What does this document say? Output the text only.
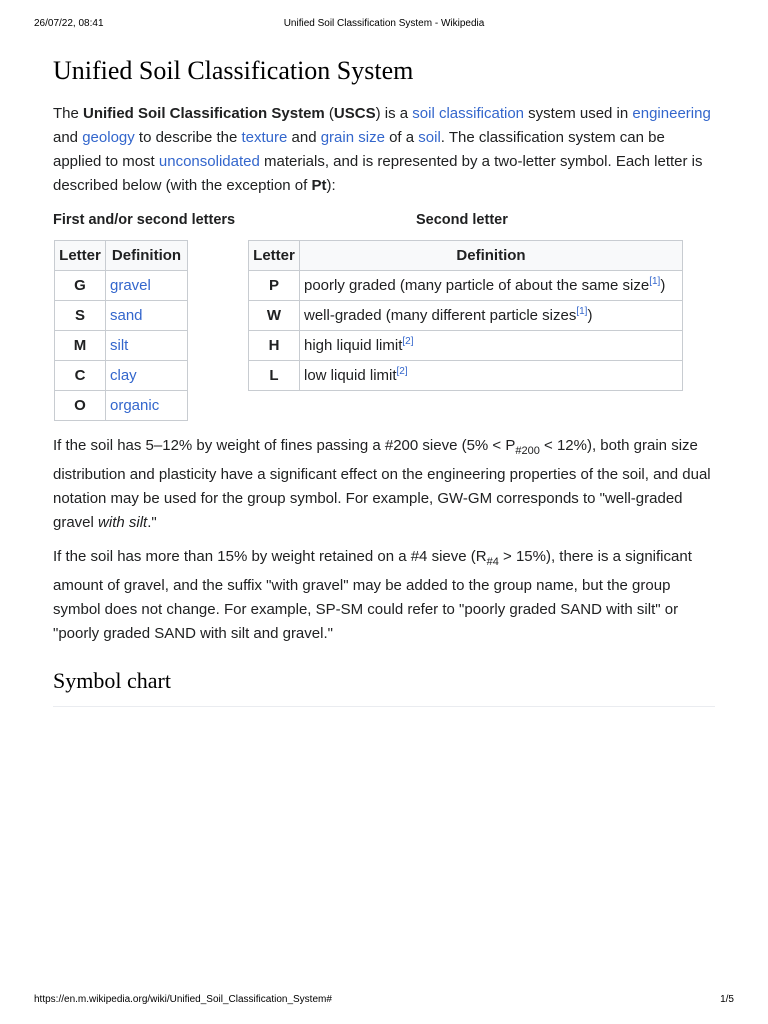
26/07/22, 08:41	Unified Soil Classification System - Wikipedia
Unified Soil Classification System

The Unified Soil Classification System (USCS) is a soil classification system used in engineering and geology to describe the texture and grain size of a soil. The classification system can be applied to most unconsolidated materials, and is represented by a two-letter symbol. Each letter is described below (with the exception of Pt):

First and/or second letters	Second letter
Letter	Definition
G	gravel
S	sand
M	silt
C	clay
O	organic
Letter	Definition
P	poorly graded (many particle of about the same size[1])
W	well-graded (many different particle sizes[1])
H	high liquid limit[2]
L	low liquid limit[2]

If the soil has 5–12% by weight of fines passing a #200 sieve $(5\% < P_{\#200} < 12\%)$, both grain size distribution and plasticity have a significant effect on the engineering properties of the soil, and dual notation may be used for the group symbol. For example, GW-GM corresponds to "well-graded gravel with silt."

If the soil has more than 15% by weight retained on a #4 sieve $(R_{\#4} > 15\%)$, there is a significant amount of gravel, and the suffix "with gravel" may be added to the group name, but the group symbol does not change. For example, SP-SM could refer to "poorly graded SAND with silt" or "poorly graded SAND with silt and gravel."

Symbol chart
https://en.m.wikipedia.org/wiki/Unified_Soil_Classification_System#	1/5
